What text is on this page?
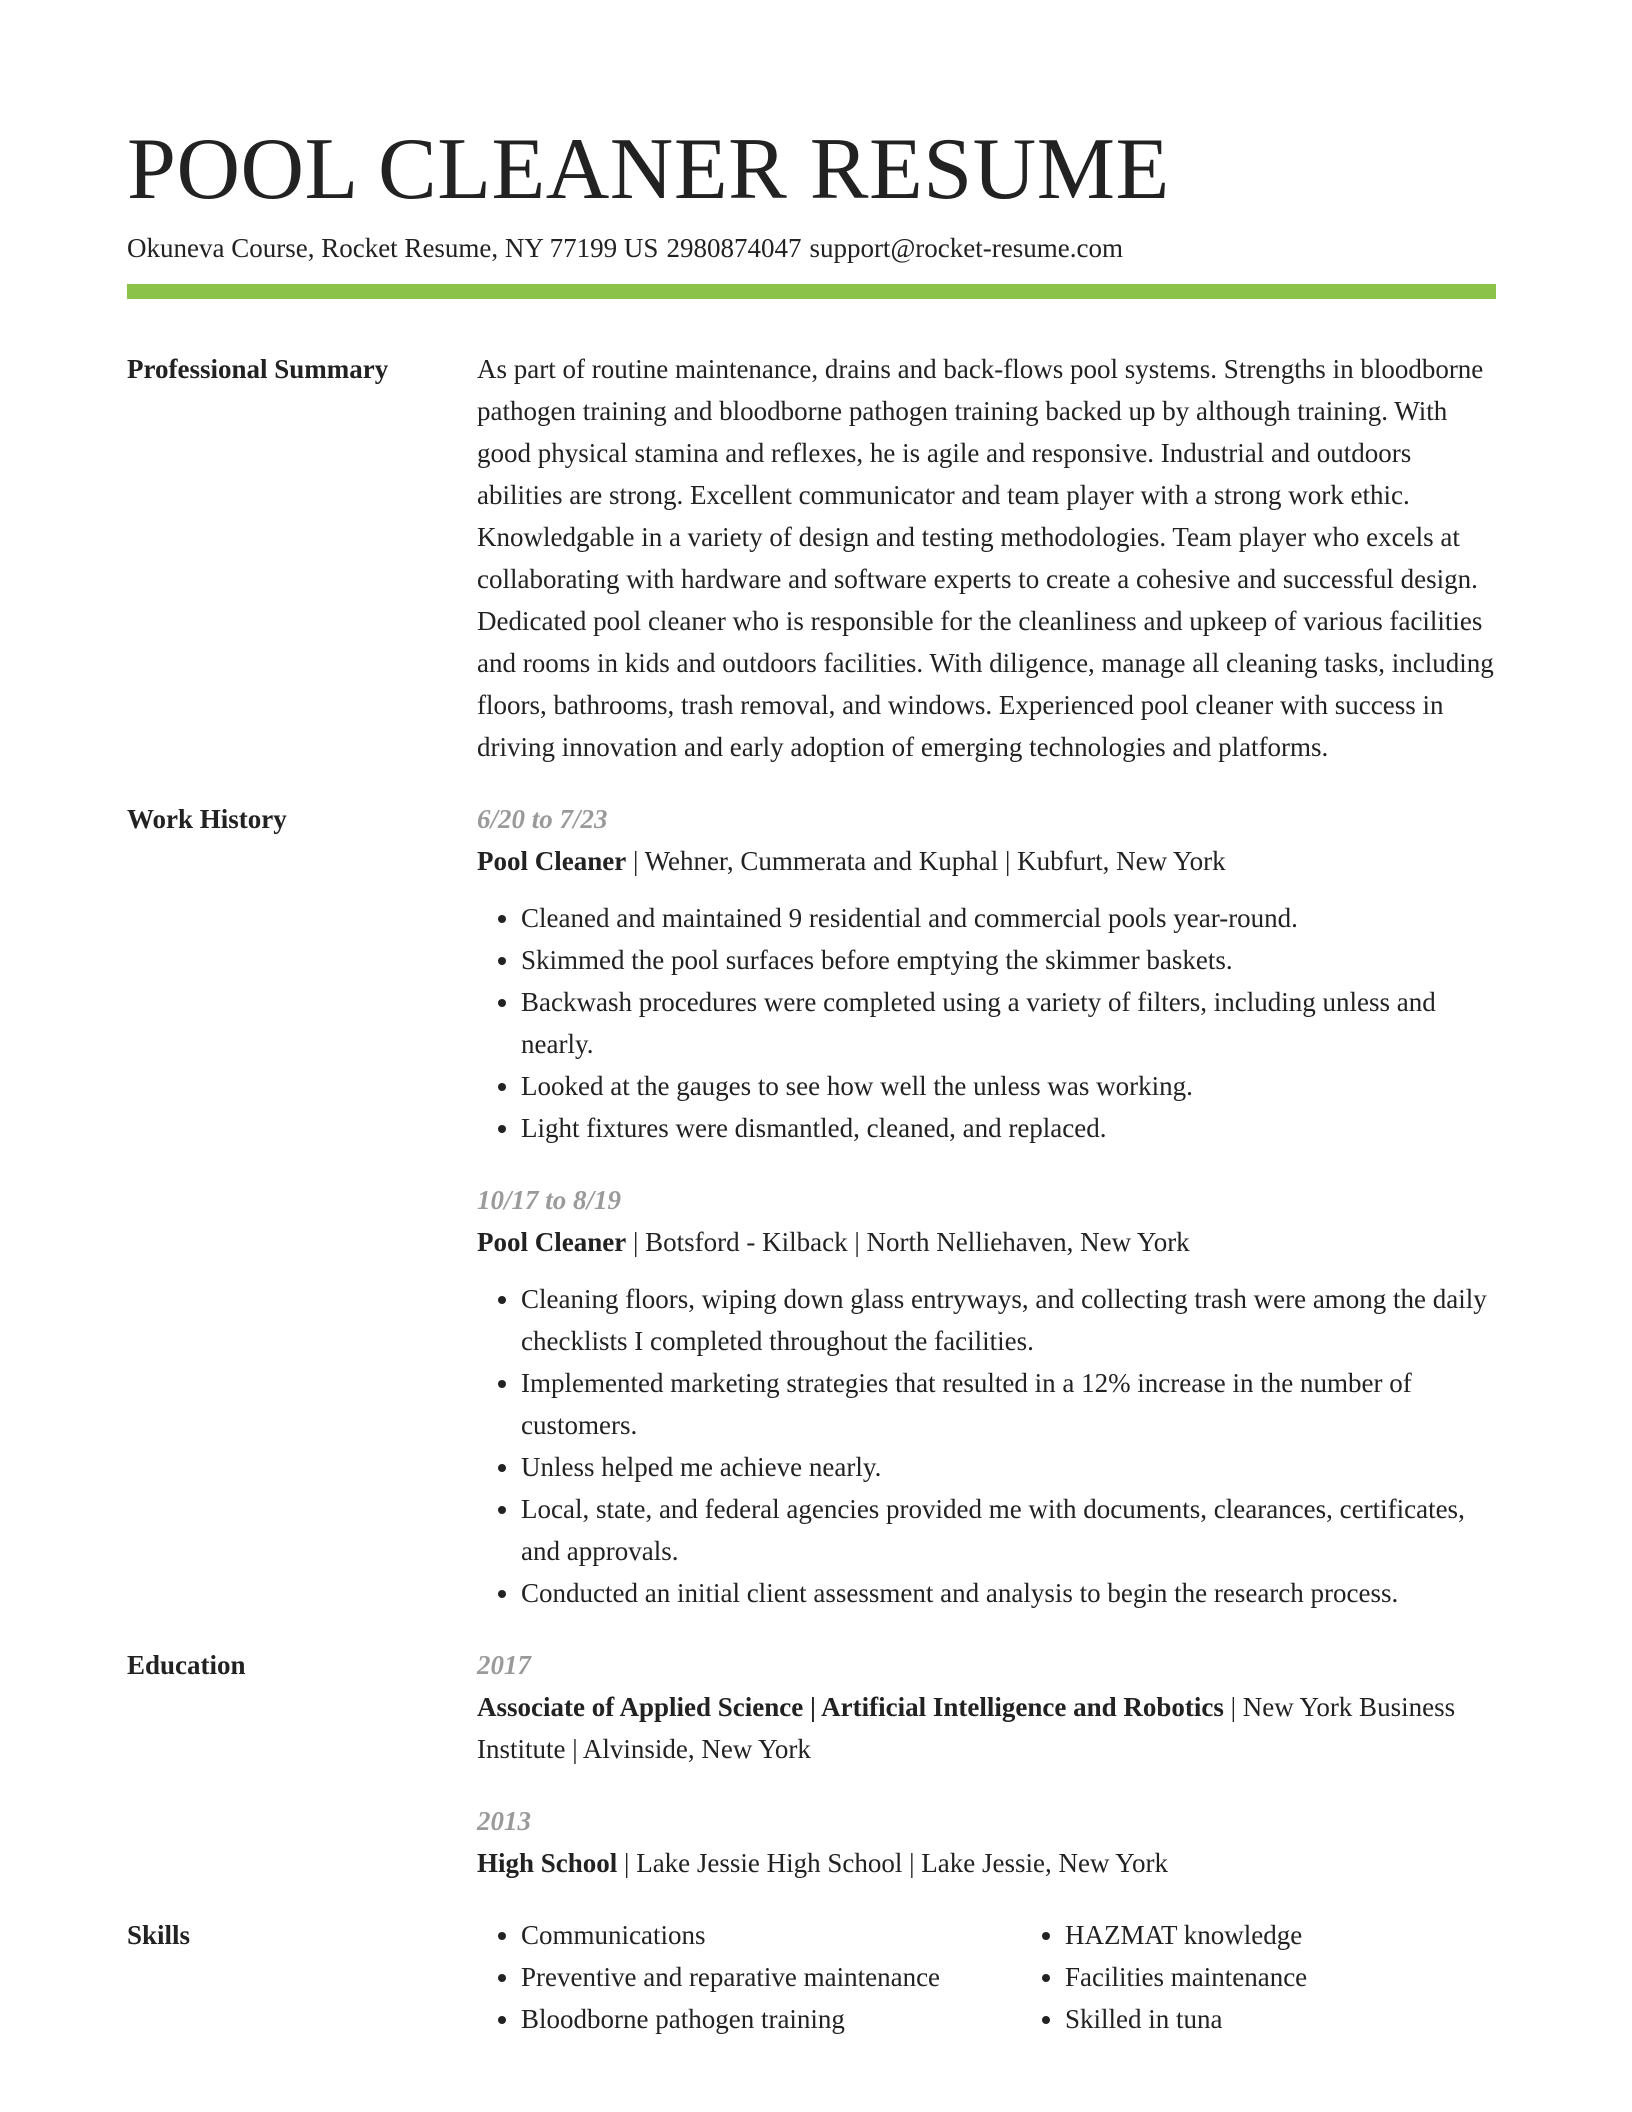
POOL CLEANER RESUME
Okuneva Course, Rocket Resume, NY 77199 US 2980874047 support@rocket-resume.com
Professional Summary	As part of routine maintenance, drains and back-flows pool systems. Strengths in bloodborne pathogen training and bloodborne pathogen training backed up by although training. With good physical stamina and reflexes, he is agile and responsive. Industrial and outdoors abilities are strong. Excellent communicator and team player with a strong work ethic. Knowledgable in a variety of design and testing methodologies. Team player who excels at collaborating with hardware and software experts to create a cohesive and successful design. Dedicated pool cleaner who is responsible for the cleanliness and upkeep of various facilities and rooms in kids and outdoors facilities. With diligence, manage all cleaning tasks, including floors, bathrooms, trash removal, and windows. Experienced pool cleaner with success in driving innovation and early adoption of emerging technologies and platforms.

Work History	6/20 to 7/23
Pool Cleaner | Wehner, Cummerata and Kuphal | Kubfurt, New York
• Cleaned and maintained 9 residential and commercial pools year-round.
• Skimmed the pool surfaces before emptying the skimmer baskets.
• Backwash procedures were completed using a variety of filters, including unless and nearly.
• Looked at the gauges to see how well the unless was working.
• Light fixtures were dismantled, cleaned, and replaced.
10/17 to 8/19
Pool Cleaner | Botsford - Kilback | North Nelliehaven, New York
• Cleaning floors, wiping down glass entryways, and collecting trash were among the daily checklists I completed throughout the facilities.
• Implemented marketing strategies that resulted in a 12% increase in the number of customers.
• Unless helped me achieve nearly.
• Local, state, and federal agencies provided me with documents, clearances, certificates, and approvals.
• Conducted an initial client assessment and analysis to begin the research process.
Education	2017
Associate of Applied Science | Artificial Intelligence and Robotics | New York Business Institute | Alvinside, New York
2013
High School | Lake Jessie High School | Lake Jessie, New York
Skills
•	Communications
• Preventive and reparative maintenance
• Bloodborne pathogen training
• HAZMAT knowledge
• Facilities maintenance
• Skilled in tuna
